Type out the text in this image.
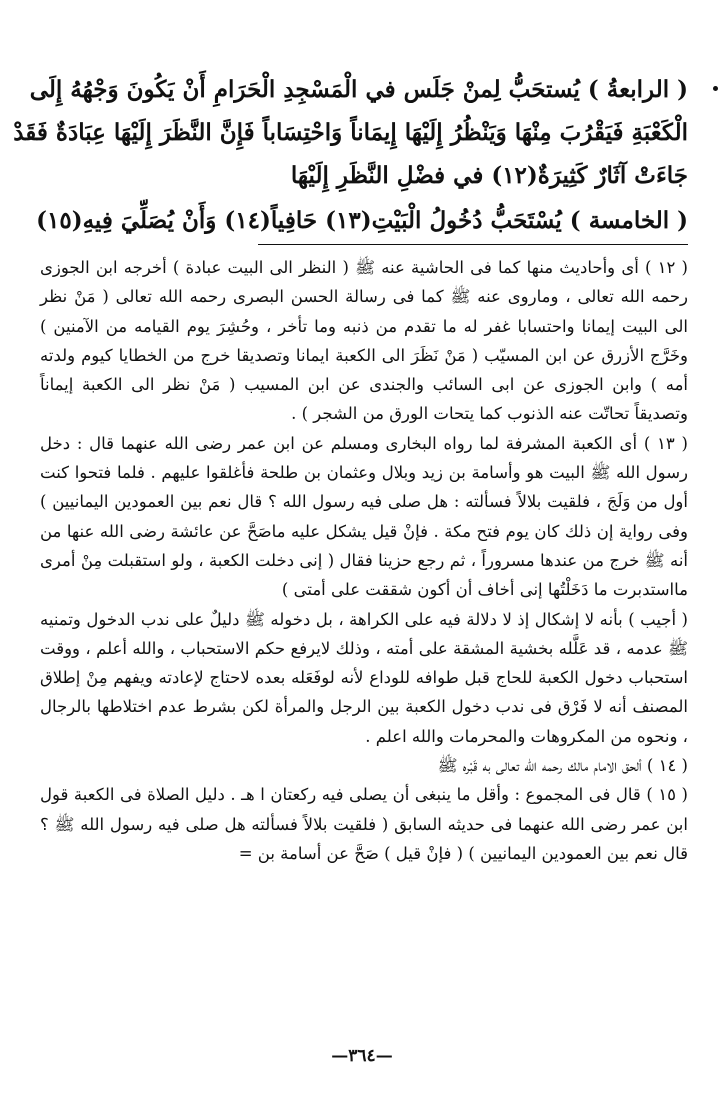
( الرابعةُ ) يُستحَبُّ لِمنْ جَلَس في الْمَسْجِدِ الْحَرَامِ أَنْ يَكُونَ وَجْهُهُ إِلَى

الْكَعْبَةِ فَيَقْرُبَ مِنْهَا وَيَنْظُرُ إِلَيْهَا إِيمَاناً وَاحْتِسَاباً فَإِنَّ النَّظَرَ إِلَيْهَا عِبَادَةٌ فَقَدْ

جَاءَتْ آثَارٌ كَثِيرَةٌ(١٢) في فضْلِ النَّظَرِ إِلَيْهَا

( الخامسة ) يُسْتَحَبُّ دُخُولُ الْبَيْتِ(١٣) حَافِياً(١٤) وَأَنْ يُصَلِّيَ فِيهِ(١٥)

( ١٢ ) أى وأحاديث منها كما فى الحاشية عنه ﷺ ( النظر الى البيت عبادة ) أخرجه ابن الجوزى رحمه الله تعالى ، وماروى عنه ﷺ كما فى رسالة الحسن البصرى رحمه الله تعالى ( مَنْ نظر الى البيت إيمانا واحتسابا غفر له ما تقدم من ذنبه وما تأخر ، وحُشِرَ يوم القيامه من الآمنين ) وخَرَّج الأزرق عن ابن المسيّب ( مَنْ نَظَرَ الى الكعبة ايمانا وتصديقا خرج من الخطايا كيوم ولدته أمه ) وابن الجوزى عن ابى السائب والجندى عن ابن المسيب ( مَنْ نظر الى الكعبة إيماناً وتصديقاً تحاتّت عنه الذنوب كما يتحات الورق من الشجر ) .

( ١٣ ) أى الكعبة المشرفة لما رواه البخارى ومسلم عن ابن عمر رضى الله عنهما قال : دخل رسول الله ﷺ البيت هو وأسامة بن زيد وبلال وعثمان بن طلحة فأغلقوا عليهم . فلما فتحوا كنت أول من وَلَجَ ، فلقيت بلالاً فسألته : هل صلى فيه رسول الله ؟ قال نعم بين العمودين اليمانيين ) وفى رواية إن ذلك كان يوم فتح مكة . فإنْ قيل يشكل عليه ماصَحَّ عن عائشة رضى الله عنها من أنه ﷺ خرج من عندها مسروراً ، ثم رجع حزينا فقال ( إنى دخلت الكعبة ، ولو استقبلت مِنْ أمرى مااستدبرت ما دَخَلْتُها إنى أخاف أن أكون شققت على أمتى )

( أجيب ) بأنه لا إشكال إذ لا دلالة فيه على الكراهة ، بل دخوله ﷺ دليلٌ على ندب الدخول وتمنيه ﷺ عدمه ، قد عَلَّله بخشية المشقة على أمته ، وذلك لايرفع حكم الاستحباب ، والله أعلم ، ووقت استحباب دخول الكعبة للحاج قبل طوافه للوداع لأنه لوفَعَله بعده لاحتاج لإعادته ويفهم مِنْ إطلاق المصنف أنه لا فَرْق فى ندب دخول الكعبة بين الرجل والمرأة لكن بشرط عدم اختلاطها بالرجال ، ونحوه من المكروهات والمحرمات والله اعلم .

( ١٤ ) ألحق الامام مالك رحمه الله تعالى به قَبْره ﷺ

( ١٥ ) قال فى المجموع : وأقل ما ينبغى أن يصلى فيه ركعتان ا هـ . دليل الصلاة فى الكعبة قول ابن عمر رضى الله عنهما فى حديثه السابق ( فلقيت بلالاً فسألته هل صلى فيه رسول الله ﷺ ؟ قال نعم بين العمودين اليمانيين ) ( فإنْ قيل ) صَحَّ عن أسامة بن =

—٣٦٤—
